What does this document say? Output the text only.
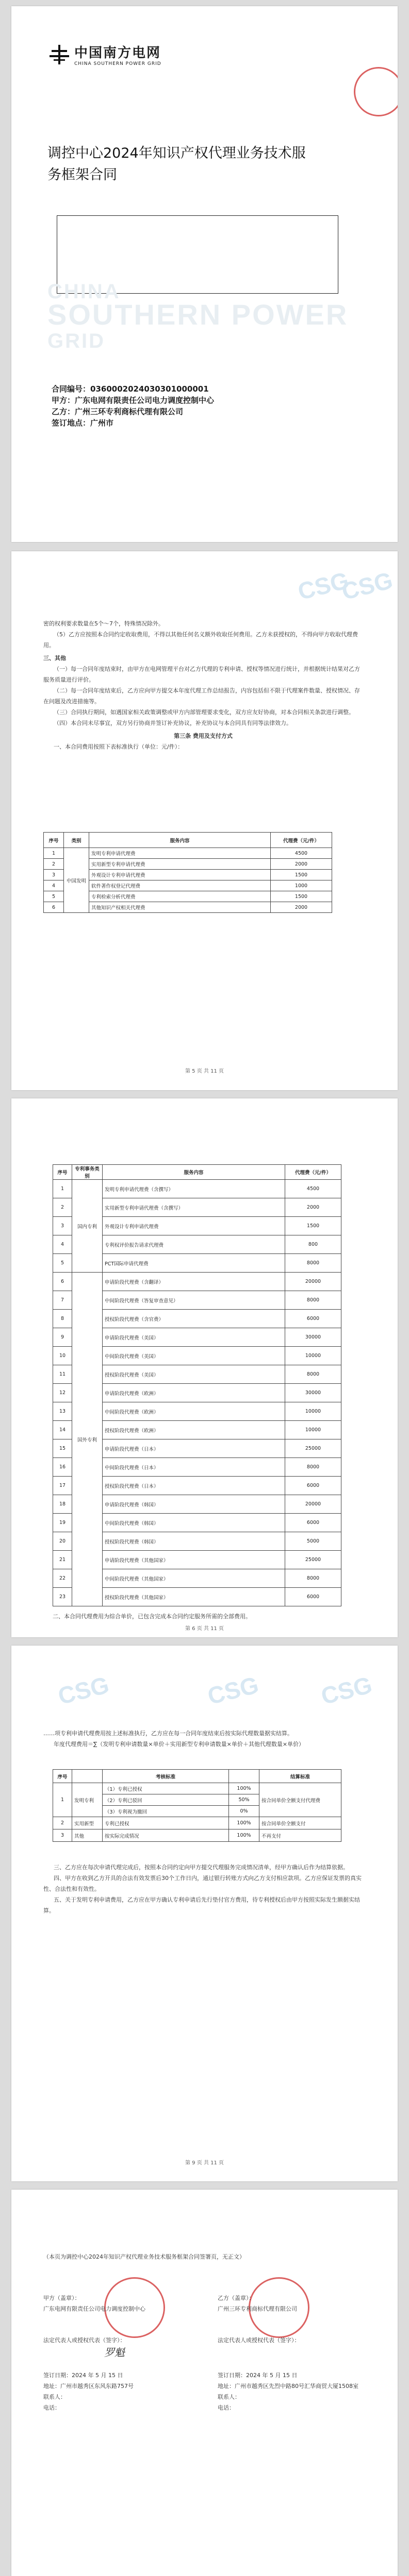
中国南方电网
CHINA SOUTHERN POWER GRID
调控中心2024年知识产权代理业务技术服
务框架合同
CHINA
SOUTHERN POWER
GRID
合同编号：0360002024030301000001
甲方：广东电网有限责任公司电力调度控制中心
乙方：广州三环专利商标代理有限公司
签订地点：广州市
CSG
CSG
密的权利要求数量在5个～7个，特殊情况除外。
（5）乙方应按照本合同约定收取费用，不得以其他任何名义额外收取任何费用。乙方未获授权的，不得向甲方收取代理费用。
三、其他
（一）每一合同年度结束时，由甲方在电网管理平台对乙方代理的专利申请、授权等情况进行统计，并根据统计结果对乙方服务质量进行评价。
（二）每一合同年度结束后，乙方应向甲方提交本年度代理工作总结报告，内容包括但不限于代理案件数量、授权情况、存在问题及改进措施等。
（三）合同执行期间，如遇国家相关政策调整或甲方内部管理要求变化，双方应友好协商，对本合同相关条款进行调整。
（四）本合同未尽事宜，双方另行协商并签订补充协议，补充协议与本合同具有同等法律效力。
第三条 费用及支付方式
一、本合同费用按照下表标准执行（单位：元/件）：
序号	类别	服务内容	代理费（元/件）
1	中国发明	发明专利申请代理费	4500
2		实用新型专利申请代理费	2000
3		外观设计专利申请代理费	1500
4		软件著作权登记代理费	1000
5		专利检索分析代理费	1500
6		其他知识产权相关代理费	2000
第 5 页 共 11 页
序号	专利事务类别	服务内容	代理费（元/件）
1	国内专利	发明专利申请代理费（含撰写）	4500
2		实用新型专利申请代理费（含撰写）	2000
3		外观设计专利申请代理费	1500
4		专利权评价报告请求代理费	800
5		PCT国际申请代理费	8000
6	国外专利	申请阶段代理费（含翻译）	20000
7		中间阶段代理费（答复审查意见）	8000
8		授权阶段代理费（含官费）	6000
9		申请阶段代理费（美国）	30000
10		中间阶段代理费（美国）	10000
11		授权阶段代理费（美国）	8000
12		申请阶段代理费（欧洲）	30000
13		中间阶段代理费（欧洲）	10000
14		授权阶段代理费（欧洲）	10000
15		申请阶段代理费（日本）	25000
16		中间阶段代理费（日本）	8000
17		授权阶段代理费（日本）	6000
18		申请阶段代理费（韩国）	20000
19		中间阶段代理费（韩国）	6000
20		授权阶段代理费（韩国）	5000
21		申请阶段代理费（其他国家）	25000
22		中间阶段代理费（其他国家）	8000
23		授权阶段代理费（其他国家）	6000
二、本合同代理费用为综合单价，已包含完成本合同约定服务所需的全部费用。
第 6 页 共 11 页
CSG	CSG CSG
……项专利申请代理费用按上述标准执行，乙方应在每一合同年度结束后按实际代理数量据实结算。
年度代理费用＝∑（发明专利申请数量×单价＋实用新型专利申请数量×单价＋其他代理数量×单价）
序号		考核标准		结算标准
1	发明专利	（1）专利已授权	100%	按合同单价全额支付代理费
		（2）专利已驳回	50%	
		（3）专利视为撤回	0%	
2	实用新型	专利已授权	100%	按合同单价全额支付
3	其他	按实际完成情况	100%	不再支付
三、乙方应在每次申请代理完成后，按照本合同约定向甲方提交代理服务完成情况清单，经甲方确认后作为结算依据。
四、甲方在收到乙方开具的合法有效发票后30个工作日内，通过银行转账方式向乙方支付相应款项。乙方应保证发票的真实性、合法性和有效性。
五、关于发明专利申请费用，乙方应在甲方确认专利申请后先行垫付官方费用，待专利授权后由甲方按照实际发生额据实结算。
第 9 页 共 11 页
（本页为调控中心2024年知识产权代理业务技术服务框架合同签署页，无正文）
甲方（盖章）：
广东电网有限责任公司电力调度控制中心
法定代表人或授权代表（签字）：
乙方（盖章）：
广州三环专利商标代理有限公司
法定代表人或授权代表（签字）：
罗魁
签订日期：2024 年 5 月 15 日
地址：广州市越秀区东风东路757号
联系人：
电话：
签订日期：2024 年 5 月 15 日
地址：广州市越秀区先烈中路80号汇华商贸大厦1508室
联系人：
电话：
